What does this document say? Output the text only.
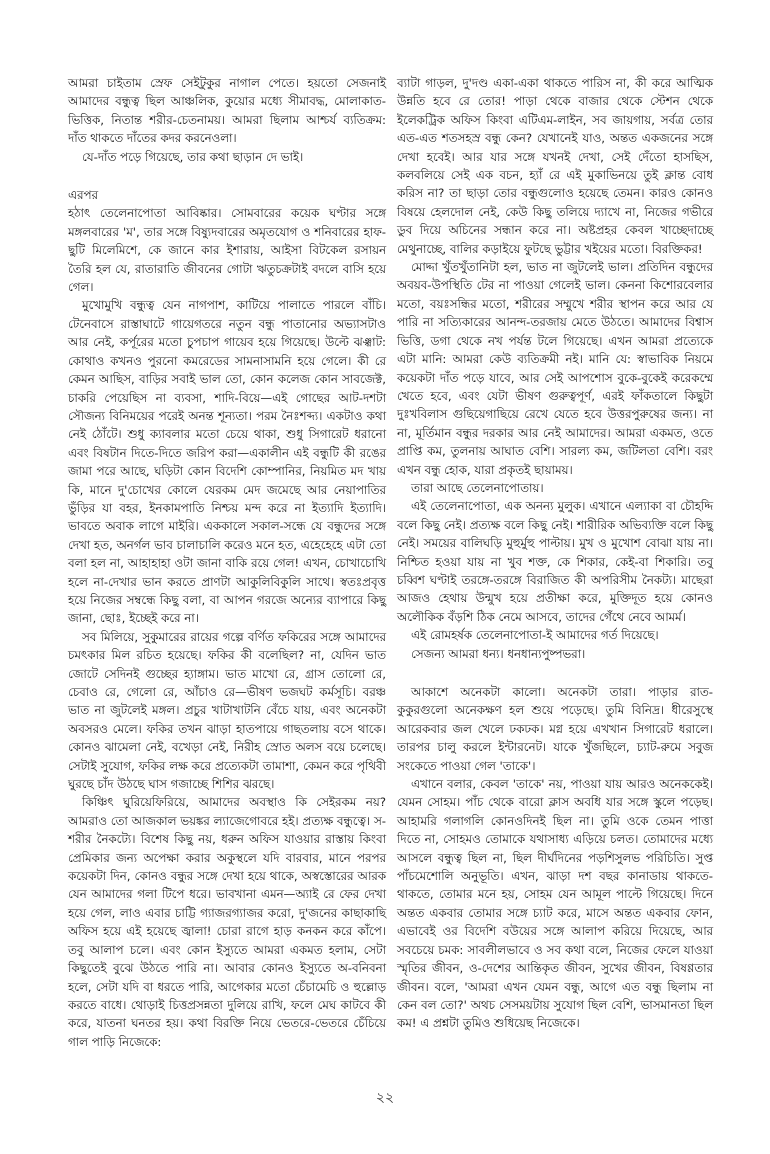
আমরা চাইতাম স্রেফ সেইটুকুর নাগাল পেতে। হয়তো সেজনাই আমাদের বন্ধুত্ব ছিল আঞ্চলিক, কুয়োর মধ্যে সীমাবদ্ধ, মোলাকাত-ভিত্তিক, নিতান্ত শরীর-চেতনাময়। আমরা ছিলাম আশ্চর্য ব্যতিক্রম: দাঁত থাকতে দাঁতের কদর করনেওলা।

যে-দাঁত পড়ে গিয়েছে, তার কথা ছাড়ান দে ভাই।

এরপর

হঠাৎ তেলেনাপোতা আবিষ্কার। সোমবারের কয়েক ঘণ্টার সঙ্গে মঙ্গলবারের 'ম', তার সঙ্গে বিষ্যুদবারের অমৃতযোগ ও শনিবারের হাফ-ছুটি মিলেমিশে, কে জানে কার ইশারায়, আইসা বিটকেল রসায়ন তৈরি হল যে, রাতারাতি জীবনের গোটা ঋতুচক্রটাই বদলে বাসি হয়ে গেল।

মুখোমুখি বন্ধুত্ব যেন নাগপাশ, কাটিয়ে পালাতে পারলে বাঁচি। টেনেবাসে রাস্তাঘাটে গায়েগতরে নতুন বন্ধু পাতানোর অভ্যাসটাও আর নেই, কর্পূরের মতো চুপচাপ গায়েব হয়ে গিয়েছে। উল্টে ঝঞ্ঝাট: কোথাও কখনও পুরনো কমরেডের সামনাসামনি হয়ে গেলে। কী রে কেমন আছিস, বাড়ির সবাই ভাল তো, কোন কলেজ কোন সাবজেক্ট, চাকরি পেয়েছিস না ব্যবসা, শাদি-বিয়ে—এই গোছের আট-দশটা সৌজন্য বিনিময়ের পরেই অনন্ত শূন্যতা। পরম নৈঃশব্দ্য। একটাও কথা নেই ঠোঁটে। শুধু ক্যাবলার মতো চেয়ে থাকা, শুধু সিগারেট ধরানো এবং বিষটান দিতে-দিতে জরিপ করা—একালীন এই বন্ধুটি কী রঙের জামা পরে আছে, ঘড়িটা কোন বিদেশি কোম্পানির, নিয়মিত মদ খায় কি, মানে দু'চোখের কোলে যেরকম মেদ জমেছে আর নেয়াপাতির ভুঁড়ির যা বহর, ইনকামপাতি নিশ্চয় মন্দ করে না ইত্যাদি ইত্যাদি। ভাবতে অবাক লাগে মাইরি। এককালে সকাল-সন্ধে যে বন্ধুদের সঙ্গে দেখা হত, অনর্গল ভাব চালাচালি করেও মনে হত, এহেহেহে এটা তো বলা হল না, আহাহাহা ওটা জানা বাকি রয়ে গেল! এখন, চোখাচোখি হলে না-দেখার ভান করতে প্রাণটা আকুলিবিকুলি সাথে। স্বতঃপ্রবৃত্ত হয়ে নিজের সম্বন্ধে কিছু বলা, বা আপন গরজে অন্যের ব্যাপারে কিছু জানা, ছোঃ, ইচ্ছেই করে না।

সব মিলিয়ে, সুকুমারের রায়ের গল্পে বর্ণিত ফকিরের সঙ্গে আমাদের চমৎকার মিল রচিত হয়েছে। ফকির কী বলেছিল? না, যেদিন ভাত জোটে সেদিনই গুচ্ছের হ্যাঙ্গাম। ভাত মাখো রে, গ্রাস তোলো রে, চেবাও রে, গেলো রে, আঁচাও রে—ভীষণ ভজঘট কর্মসূচি। বরঞ্চ ভাত না জুটলেই মঙ্গল। প্রচুর খাটাখাটনি বেঁচে যায়, এবং অনেকটা অবসরও মেলে। ফকির তখন ঝাড়া হাতপায়ে গাছতলায় বসে থাকে। কোনও ঝামেলা নেই, বখেড়া নেই, নিরীহ স্রোত অলস বয়ে চলেছে। সেটাই সুযোগ, ফকির লক্ষ করে প্রত্যেকটা তামাশা, কেমন করে পৃথিবী ঘুরছে চাঁদ উঠছে ঘাস গজাচ্ছে শিশির ঝরছে।

কিঞ্চিৎ ঘুরিয়েফিরিয়ে, আমাদের অবস্থাও কি সেইরকম নয়? আমরাও তো আজকাল ভয়ঙ্কর ল্যাজেগোবরে হই। প্রত্যক্ষ বন্ধুত্বে। স-শরীর নৈকট্যে। বিশেষ কিছু নয়, ধরুন অফিস যাওয়ার রাস্তায় কিংবা প্রেমিকার জন্য অপেক্ষা করার অকুস্থলে যদি বারবার, মানে পরপর কয়েকটা দিন, কোনও বন্ধুর সঙ্গে দেখা হয়ে থাকে, অস্বস্তোরের আরক যেন আমাদের গলা টিপে ধরে। ভাবখানা এমন—অ্যাই রে ফের দেখা হয়ে গেল, লাও এবার চাট্টি গ্যাজরগ্যাজর করো, দু'জনের কাছাকাছি অফিস হয়ে এই হয়েছে জ্বালা! চোরা রাগে হাড় কনকন করে কাঁপে। তবু আলাপ চলে। এবং কোন ইস্যুতে আমরা একমত হলাম, সেটা কিছুতেই বুঝে উঠতে পারি না। আবার কোনও ইস্যুতে অ-বনিবনা হলে, সেটা যদি বা ধরতে পারি, আগেকার মতো চেঁচামেচি ও হুল্লোড় করতে বাধে। থোড়াই চিত্তপ্রসন্নতা দুলিয়ে রাখি, ফলে মেঘ কাটবে কী করে, যাতনা ঘনতর হয়। কথা বিরক্তি নিয়ে ভেতরে-ভেতরে চেঁচিয়ে গাল পাড়ি নিজেকে:

ব্যাটা গাড়ল, দু'দণ্ড একা-একা থাকতে পারিস না, কী করে আত্মিক উন্নতি হবে রে তোর! পাড়া থেকে বাজার থেকে স্টেশন থেকে ইলেকট্রিক অফিস কিংবা এটিএম-লাইন, সব জায়গায়, সর্বত্র তোর এত-এত শতসহস্র বন্ধু কেন? যেখানেই যাও, অন্তত একজনের সঙ্গে দেখা হবেই। আর যার সঙ্গে যখনই দেখা, সেই দেঁতো হাসছিস, কলবলিয়ে সেই এক বচন, হ্যাঁ রে এই মুকাভিনয়ে তুই ক্লান্ত বোধ করিস না? তা ছাড়া তোর বন্ধুগুলোও হয়েছে তেমন। কারও কোনও বিষয়ে হেলদোল নেই, কেউ কিছু তলিয়ে দ্যাখে না, নিজের গভীরে ডুব দিয়ে অচিনের সন্ধান করে না। অষ্টপ্রহর কেবল খাচ্ছেদাচ্ছে মেথুনাচ্ছে, বালির কড়াইয়ে ফুটছে ভুট্টার খইয়ের মতো। বিরক্তিকর!

মোদ্দা খুঁতখুঁতানিটা হল, ভাত না জুটলেই ভাল। প্রতিদিন বন্ধুদের অবয়ব-উপস্থিতি টের না পাওয়া গেলেই ভাল। কেননা কিশোরবেলার মতো, বয়ঃসন্ধির মতো, শরীরের সম্মুখে শরীর স্থাপন করে আর যে পারি না সত্যিকারের আনন্দ-তরজায় মেতে উঠতে। আমাদের বিশ্বাস ভিত্তি, ডগা থেকে নখ পর্যন্ত টলে গিয়েছে। এখন আমরা প্রত্যেকে এটা মানি: আমরা কেউ ব্যতিক্রমী নই। মানি যে: স্বাভাবিক নিয়মে কয়েকটা দাঁত পড়ে যাবে, আর সেই আপশোস বুকে-বুকেই করেকম্মে খেতে হবে, এবং যেটা ভীষণ গুরুত্বপূর্ণ, এরই ফাঁকতালে কিছুটা দুঃখবিলাস গুছিয়েগাছিয়ে রেখে যেতে হবে উত্তরপুরুষের জন্য। না না, মূর্তিমান বন্ধুর দরকার আর নেই আমাদের। আমরা একমত, ওতে প্রাপ্তি কম, তুলনায় আঘাত বেশি। সারল্য কম, জটিলতা বেশি। বরং এখন বন্ধু হোক, যারা প্রকৃতই ছায়াময়।

তারা আছে তেলেনাপোতায়।

এই তেলেনাপোতা, এক অনন্য মুলুক। এখানে এল্যাকা বা চৌহদ্দি বলে কিছু নেই। প্রত্যক্ষ বলে কিছু নেই। শারীরিক অভিব্যক্তি বলে কিছু নেই। সময়ের বালিঘড়ি মুহুর্মুহু পাল্টায়। মুখ ও মুখোশ বোঝা যায় না। নিশ্চিত হওয়া যায় না খুব শক্ত, কে শিকার, কেই-বা শিকারি। তবু চব্বিশ ঘণ্টাই তরঙ্গে-তরঙ্গে বিরাজিত কী অপরিসীম নৈকট্য। মাছেরা আজও হেথায় উন্মুখ হয়ে প্রতীক্ষা করে, মুক্তিদূত হয়ে কোনও অলৌকিক বঁড়শি ঠিক নেমে আসবে, তাদের গেঁথে নেবে আমর্ম।

এই রোমহর্ষক তেলেনাপোতা-ই আমাদের গর্ত দিয়েছে।

সেজন্য আমরা ধন্য। ধনধান্যপুষ্পভরা।

আকাশে অনেকটা কালো। অনেকটা তারা। পাড়ার রাত-কুকুরগুলো অনেকক্ষণ হল শুয়ে পড়েছে। তুমি বিনিদ্র। ধীরেসুস্থে আরেকবার জল খেলে ঢকঢক। মগ্ন হয়ে এখখান সিগারেট ধরালে। তারপর চালু করলে ইন্টারনেট। যাকে খুঁজছিলে, চ্যাট-রুমে সবুজ সংকেতে পাওয়া গেল 'তাকে'।

এখানে বলার, কেবল 'তাকে' নয়, পাওয়া যায় আরও অনেককেই। যেমন সোহম। পাঁচ থেকে বারো ক্লাস অবধি যার সঙ্গে স্কুলে পড়েছ। আহামরি গলাগলি কোনওদিনই ছিল না। তুমি ওকে তেমন পাত্তা দিতে না, সোহমও তোমাকে যথাসাধ্য এড়িয়ে চলত। তোমাদের মধ্যে আসলে বন্ধুত্ব ছিল না, ছিল দীর্ঘদিনের পড়শিসুলভ পরিচিতি। সুপ্ত পাঁচমেশোলি অনুভূতি। এখন, ঝাড়া দশ বছর কানাডায় থাকতে-থাকতে, তোমার মনে হয়, সোহম যেন আমূল পাল্টে গিয়েছে। দিনে অন্তত একবার তোমার সঙ্গে চ্যাট করে, মাসে অন্তত একবার ফোন, এভাবেই ওর বিদেশি বউয়ের সঙ্গে আলাপ করিয়ে দিয়েছে, আর সবচেয়ে চমক: সাবলীলভাবে ও সব কথা বলে, নিজের ফেলে যাওয়া স্মৃতির জীবন, ও-দেশের আন্তিকৃত জীবন, সুখের জীবন, বিষণ্ণতার জীবন। বলে, 'আমরা এখন যেমন বন্ধু, আগে এত বন্ধু ছিলাম না কেন বল তো?' অথচ সেসময়টায় সুযোগ ছিল বেশি, ভাসমানতা ছিল কম! এ প্রশ্নটা তুমিও শুধিয়েছ নিজেকে।

২২
